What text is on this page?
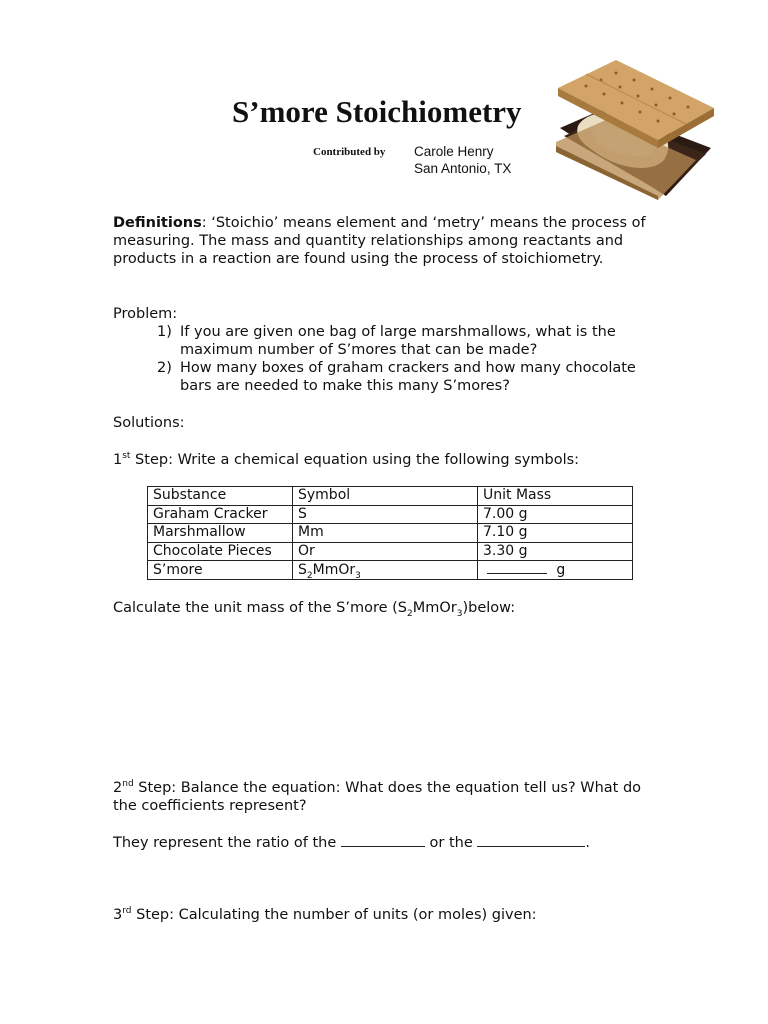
S’more Stoichiometry
Contributed by Carole Henry
San Antonio, TX
Definitions: ‘Stoichio’ means element and ‘metry’ means the process of measuring. The mass and quantity relationships among reactants and products in a reaction are found using the process of stoichiometry.
Problem:
1) If you are given one bag of large marshmallows, what is the maximum number of S’mores that can be made?
2) How many boxes of graham crackers and how many chocolate bars are needed to make this many S’mores?
Solutions:
1st Step: Write a chemical equation using the following symbols:
Substance	Symbol	Unit Mass
Graham Cracker	S	7.00 g
Marshmallow	Mm	7.10 g
Chocolate Pieces	Or	3.30 g
S’more	$S_2MmOr_3$	g
Calculate the unit mass of the S’more $(S_2MmOr_3)below$:
2nd Step: Balance the equation: What does the equation tell us? What do the coefficients represent?
They represent the ratio of the	or the	.
3rd Step: Calculating the number of units (or moles) given:
